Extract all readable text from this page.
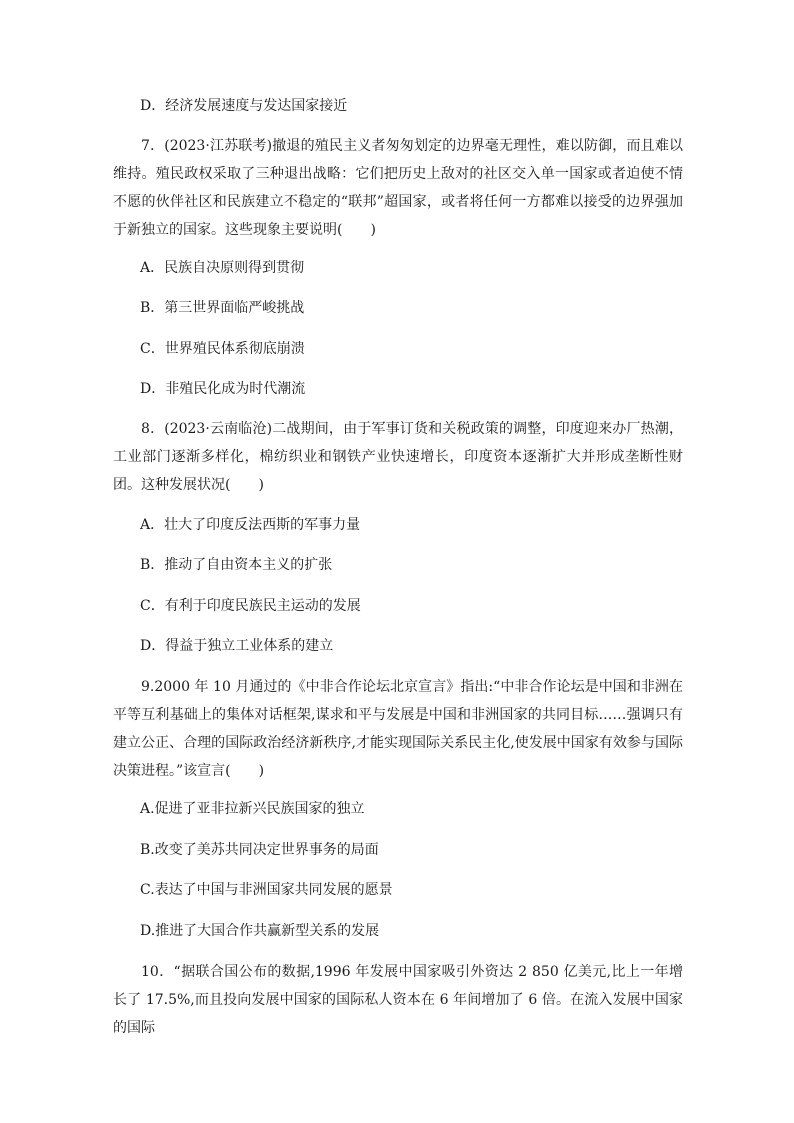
D．经济发展速度与发达国家接近
7．(2023·江苏联考)撤退的殖民主义者匆匆划定的边界毫无理性，难以防御，而且难以维持。殖民政权采取了三种退出战略：它们把历史上敌对的社区交入单一国家或者迫使不情不愿的伙伴社区和民族建立不稳定的“联邦”超国家，或者将任何一方都难以接受的边界强加于新独立的国家。这些现象主要说明(　　)
A．民族自决原则得到贯彻
B．第三世界面临严峻挑战
C．世界殖民体系彻底崩溃
D．非殖民化成为时代潮流
8．(2023·云南临沧)二战期间，由于军事订货和关税政策的调整，印度迎来办厂热潮，工业部门逐渐多样化，棉纺织业和钢铁产业快速增长，印度资本逐渐扩大并形成垄断性财团。这种发展状况(　　)
A．壮大了印度反法西斯的军事力量
B．推动了自由资本主义的扩张
C．有利于印度民族民主运动的发展
D．得益于独立工业体系的建立
9.2000 年 10 月通过的《中非合作论坛北京宣言》指出:“中非合作论坛是中国和非洲在平等互利基础上的集体对话框架,谋求和平与发展是中国和非洲国家的共同目标……强调只有建立公正、合理的国际政治经济新秩序,才能实现国际关系民主化,使发展中国家有效参与国际决策进程。”该宣言(　　)
A.促进了亚非拉新兴民族国家的独立
B.改变了美苏共同决定世界事务的局面
C.表达了中国与非洲国家共同发展的愿景
D.推进了大国合作共赢新型关系的发展
10．“据联合国公布的数据,1996 年发展中国家吸引外资达 2 850 亿美元,比上一年增长了 17.5%,而且投向发展中国家的国际私人资本在 6 年间增加了 6 倍。在流入发展中国家的国际
